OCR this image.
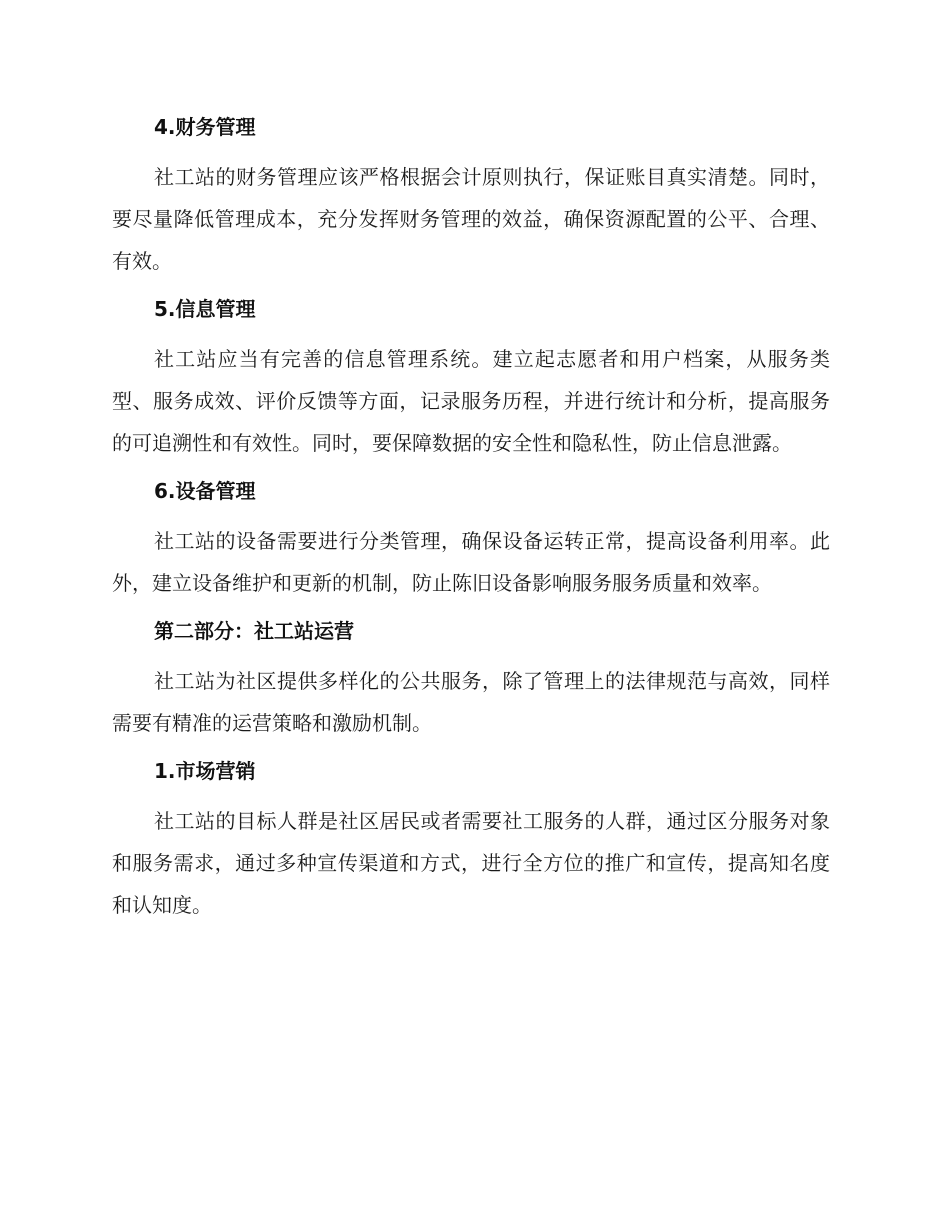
4.财务管理

社工站的财务管理应该严格根据会计原则执行，保证账目真实清楚。同时，要尽量降低管理成本，充分发挥财务管理的效益，确保资源配置的公平、合理、有效。

5.信息管理

社工站应当有完善的信息管理系统。建立起志愿者和用户档案，从服务类型、服务成效、评价反馈等方面，记录服务历程，并进行统计和分析，提高服务的可追溯性和有效性。同时，要保障数据的安全性和隐私性，防止信息泄露。

6.设备管理

社工站的设备需要进行分类管理，确保设备运转正常，提高设备利用率。此外，建立设备维护和更新的机制，防止陈旧设备影响服务服务质量和效率。

第二部分：社工站运营

社工站为社区提供多样化的公共服务，除了管理上的法律规范与高效，同样需要有精准的运营策略和激励机制。

1.市场营销

社工站的目标人群是社区居民或者需要社工服务的人群，通过区分服务对象和服务需求，通过多种宣传渠道和方式，进行全方位的推广和宣传，提高知名度和认知度。
